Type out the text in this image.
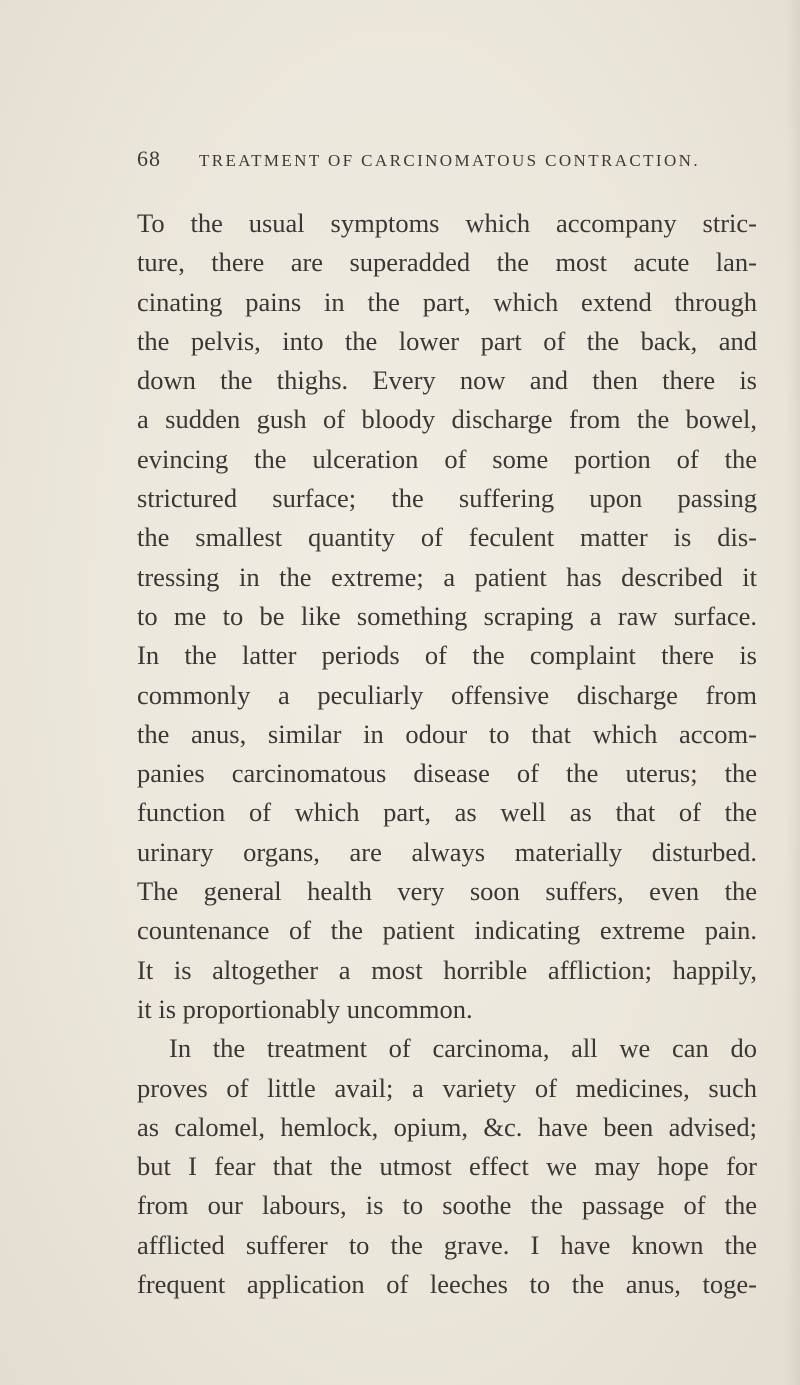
68	TREATMENT OF CARCINOMATOUS CONTRACTION.
To the usual symptoms which accompany stric-
ture, there are superadded the most acute lan-
cinating pains in the part, which extend through
the pelvis, into the lower part of the back, and
down the thighs. Every now and then there is
a sudden gush of bloody discharge from the bowel,
evincing the ulceration of some portion of the
strictured surface; the suffering upon passing
the smallest quantity of feculent matter is dis-
tressing in the extreme; a patient has described it
to me to be like something scraping a raw surface.
In the latter periods of the complaint there is
commonly a peculiarly offensive discharge from
the anus, similar in odour to that which accom-
panies carcinomatous disease of the uterus; the
function of which part, as well as that of the
urinary organs, are always materially disturbed.
The general health very soon suffers, even the
countenance of the patient indicating extreme pain.
It is altogether a most horrible affliction; happily,
it is proportionably uncommon.
In the treatment of carcinoma, all we can do
proves of little avail; a variety of medicines, such
as calomel, hemlock, opium, &c. have been advised;
but I fear that the utmost effect we may hope for
from our labours, is to soothe the passage of the
afflicted sufferer to the grave. I have known the
frequent application of leeches to the anus, toge-
